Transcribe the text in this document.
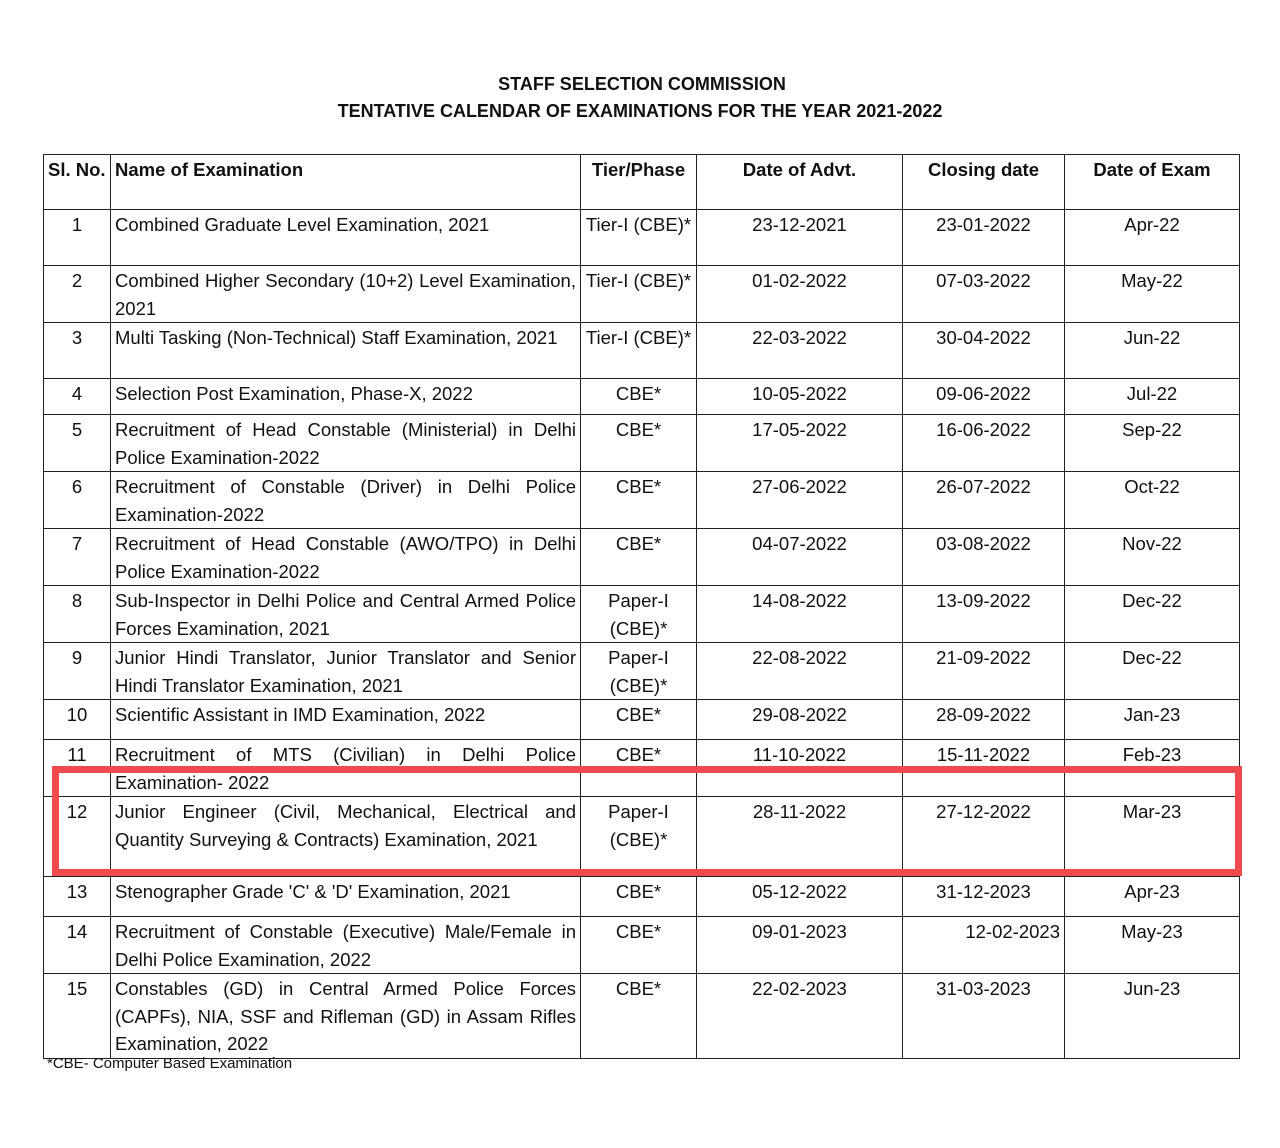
STAFF SELECTION COMMISSION
TENTATIVE CALENDAR OF EXAMINATIONS FOR THE YEAR 2021-2022
Sl. No.	Name of Examination	Tier/Phase	Date of Advt.	Closing date	Date of Exam
1	Combined Graduate Level Examination, 2021	Tier-I (CBE)*	23-12-2021	23-01-2022	Apr-22
2	Combined Higher Secondary (10+2) Level Examination, 2021	Tier-I (CBE)*	01-02-2022	07-03-2022	May-22
3	Multi Tasking (Non-Technical) Staff Examination, 2021	Tier-I (CBE)*	22-03-2022	30-04-2022	Jun-22
4	Selection Post Examination, Phase-X, 2022	CBE*	10-05-2022	09-06-2022	Jul-22
5	Recruitment of Head Constable (Ministerial) in Delhi Police Examination-2022	CBE*	17-05-2022	16-06-2022	Sep-22
6	Recruitment of Constable (Driver) in Delhi Police Examination-2022	CBE*	27-06-2022	26-07-2022	Oct-22
7	Recruitment of Head Constable (AWO/TPO) in Delhi Police Examination-2022	CBE*	04-07-2022	03-08-2022	Nov-22
8	Sub-Inspector in Delhi Police and Central Armed Police Forces Examination, 2021	Paper-I (CBE)*	14-08-2022	13-09-2022	Dec-22
9	Junior Hindi Translator, Junior Translator and Senior Hindi Translator Examination, 2021	Paper-I (CBE)*	22-08-2022	21-09-2022	Dec-22
10	Scientific Assistant in IMD Examination, 2022	CBE*	29-08-2022	28-09-2022	Jan-23
11	Recruitment of MTS (Civilian) in Delhi Police Examination- 2022	CBE*	11-10-2022	15-11-2022	Feb-23
12	Junior Engineer (Civil, Mechanical, Electrical and Quantity Surveying & Contracts) Examination, 2021	Paper-I (CBE)*	28-11-2022	27-12-2022	Mar-23
13	Stenographer Grade 'C' & 'D' Examination, 2021	CBE*	05-12-2022	31-12-2023	Apr-23
14	Recruitment of Constable (Executive) Male/Female in Delhi Police Examination, 2022	CBE*	09-01-2023	12-02-2023	May-23
15	Constables (GD) in Central Armed Police Forces (CAPFs), NIA, SSF and Rifleman (GD) in Assam Rifles Examination, 2022	CBE*	22-02-2023	31-03-2023	Jun-23
*CBE- Computer Based Examination
